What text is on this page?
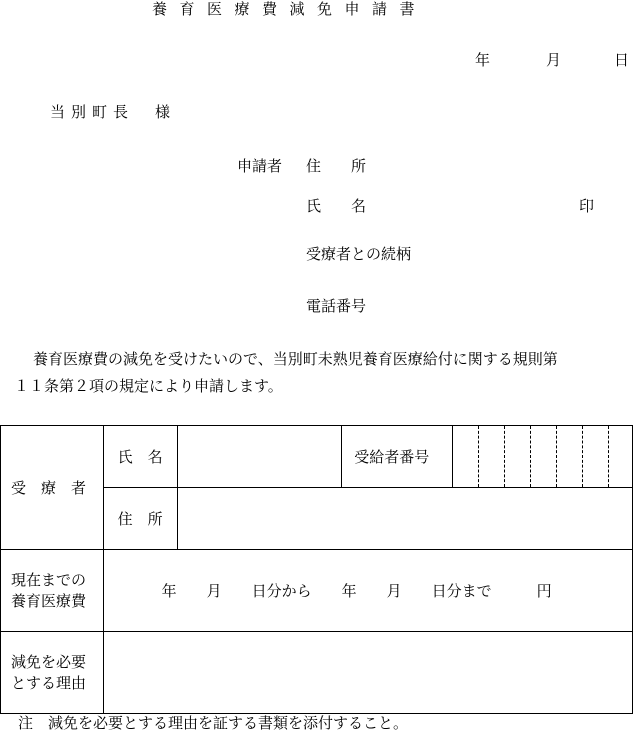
養育医療費減免申請書
年	月	日
当別町長　様
申請者 住　　所
氏　　名	印
受療者との続柄
電話番号
養育医療費の減免を受けたいので、当別町未熟児養育医療給付に関する規則第
１１条第２項の規定により申請します。
受　療　者	氏　名		受給者番号	

	住　所			

現在までの
養育医療費	年　　月　　日分から　　年　　月　　日分まで　　　円			

減免を必要
とする理由				

注　減免を必要とする理由を証する書類を添付すること。
